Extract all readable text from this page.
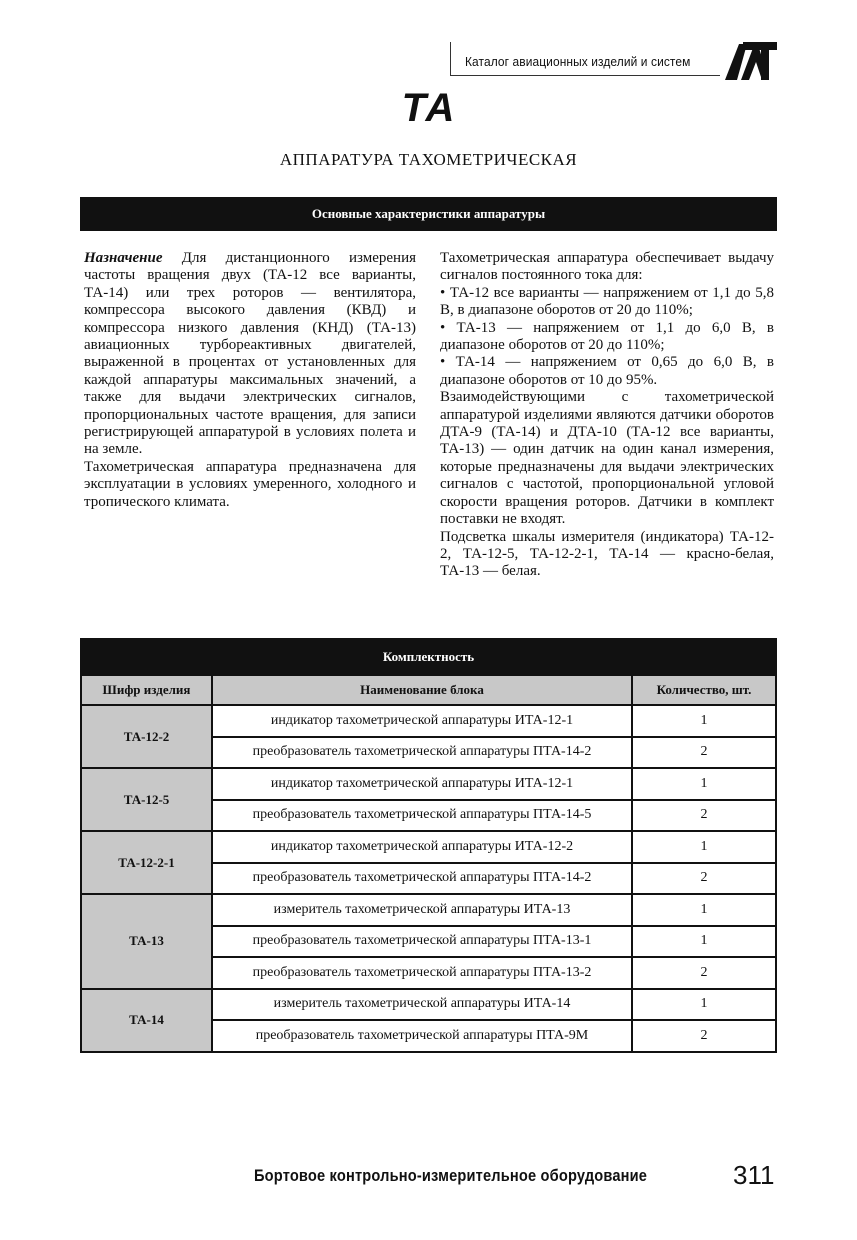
Каталог авиационных изделий и систем
ТА
АППАРАТУРА ТАХОМЕТРИЧЕСКАЯ
Основные характеристики аппаратуры

Назначение Для дистанционного измерения частоты вращения двух (ТА-12 все варианты, ТА-14) или трех роторов — вентилятора, компрессора высокого давления (КВД) и компрессора низкого давления (КНД) (ТА-13) авиационных турбореактивных двигателей, выраженной в процентах от установленных для каждой аппаратуры максимальных значений, а также для выдачи электрических сигналов, пропорциональных частоте вращения, для записи регистрирующей аппаратурой в условиях полета и на земле.

Тахометрическая аппаратура предназначена для эксплуатации в условиях умеренного, холодного и тропического климата.

Тахометрическая аппаратура обеспечивает выдачу сигналов постоянного тока для:

• ТА-12 все варианты — напряжением от 1,1 до 5,8 В, в диапазоне оборотов от 20 до 110%;

• ТА-13 — напряжением от 1,1 до 6,0 В, в диапазоне оборотов от 20 до 110%;

• ТА-14 — напряжением от 0,65 до 6,0 В, в диапазоне оборотов от 10 до 95%.

Взаимодействующими с тахометрической аппаратурой изделиями являются датчики оборотов ДТА-9 (ТА-14) и ДТА-10 (ТА-12 все варианты, ТА-13) — один датчик на один канал измерения, которые предназначены для выдачи электрических сигналов с частотой, пропорциональной угловой скорости вращения роторов. Датчики в комплект поставки не входят.

Подсветка шкалы измерителя (индикатора) ТА-12-2, ТА-12-5, ТА-12-2-1, ТА-14 — красно-белая, ТА-13 — белая.

Комплектность		
Шифр изделия	Наименование блока	Количество, шт.
ТА-12-2	индикатор тахометрической аппаратуры ИТА-12-1	1
	преобразователь тахометрической аппаратуры ПТА-14-2	2
ТА-12-5	индикатор тахометрической аппаратуры ИТА-12-1	1
	преобразователь тахометрической аппаратуры ПТА-14-5	2
ТА-12-2-1	индикатор тахометрической аппаратуры ИТА-12-2	1
	преобразователь тахометрической аппаратуры ПТА-14-2	2
ТА-13	измеритель тахометрической аппаратуры ИТА-13	1
	преобразователь тахометрической аппаратуры ПТА-13-1	1
	преобразователь тахометрической аппаратуры ПТА-13-2	2
ТА-14	измеритель тахометрической аппаратуры ИТА-14	1
	преобразователь тахометрической аппаратуры ПТА-9М	2
Бортовое контрольно-измерительное оборудование	311
